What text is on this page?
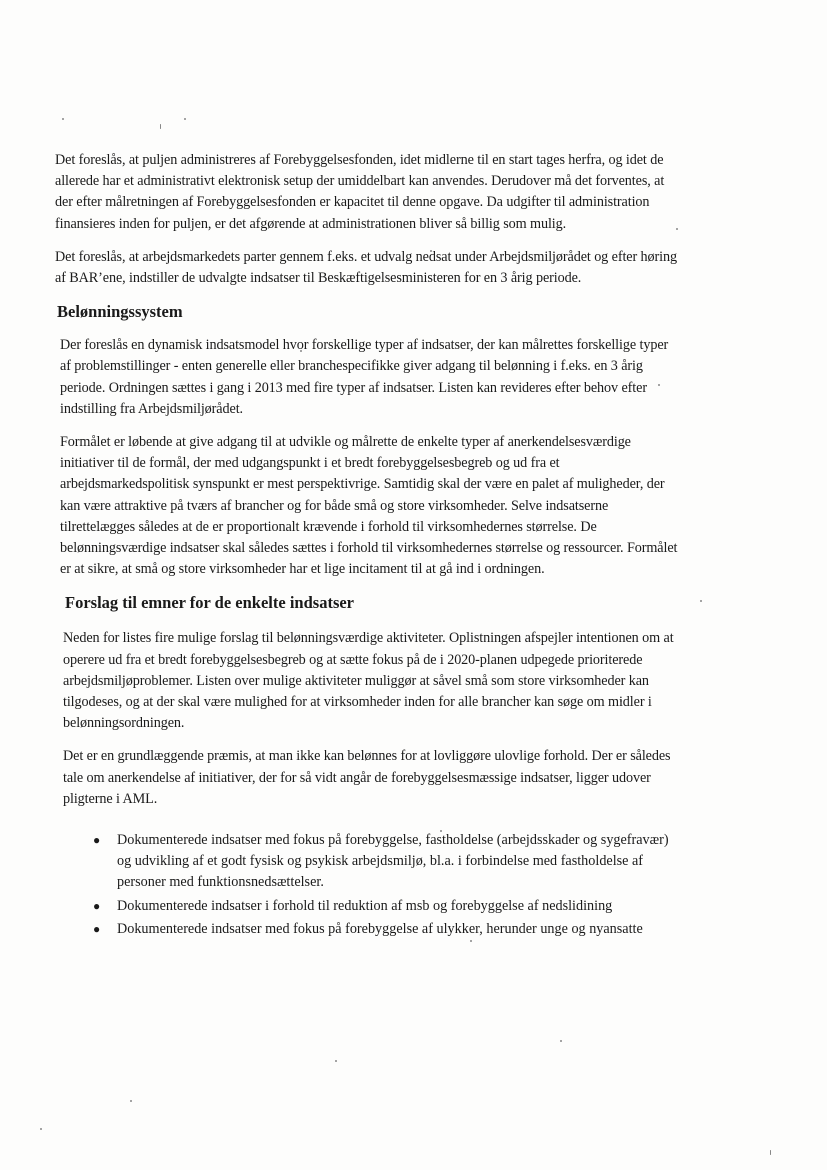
Det foreslås, at puljen administreres af Forebyggelsesfonden, idet midlerne til en start tages herfra, og idet de allerede har et administrativt elektronisk setup der umiddelbart kan anvendes. Derudover må det forventes, at der efter målretningen af Forebyggelsesfonden er kapacitet til denne opgave. Da udgifter til administration finansieres inden for puljen, er det afgørende at administrationen bliver så billig som mulig.

Det foreslås, at arbejdsmarkedets parter gennem f.eks. et udvalg nedsat under Arbejdsmiljørådet og efter høring af BAR’ene, indstiller de udvalgte indsatser til Beskæftigelsesministeren for en 3 årig periode.

Belønningssystem

Der foreslås en dynamisk indsatsmodel hvor forskellige typer af indsatser, der kan målrettes forskellige typer af problemstillinger - enten generelle eller branchespecifikke giver adgang til belønning i f.eks. en 3 årig periode. Ordningen sættes i gang i 2013 med fire typer af indsatser. Listen kan revideres efter behov efter indstilling fra Arbejdsmiljørådet.

Formålet er løbende at give adgang til at udvikle og målrette de enkelte typer af anerkendelsesværdige initiativer til de formål, der med udgangspunkt i et bredt forebyggelsesbegreb og ud fra et arbejdsmarkedspolitisk synspunkt er mest perspektivrige. Samtidig skal der være en palet af muligheder, der kan være attraktive på tværs af brancher og for både små og store virksomheder. Selve indsatserne tilrettelægges således at de er proportionalt krævende i forhold til virksomhedernes størrelse. De belønningsværdige indsatser skal således sættes i forhold til virksomhedernes størrelse og ressourcer. Formålet er at sikre, at små og store virksomheder har et lige incitament til at gå ind i ordningen.

Forslag til emner for de enkelte indsatser

Neden for listes fire mulige forslag til belønningsværdige aktiviteter. Oplistningen afspejler intentionen om at operere ud fra et bredt forebyggelsesbegreb og at sætte fokus på de i 2020-planen udpegede prioriterede arbejdsmiljøproblemer. Listen over mulige aktiviteter muliggør at såvel små som store virksomheder kan tilgodeses, og at der skal være mulighed for at virksomheder inden for alle brancher kan søge om midler i belønningsordningen.

Det er en grundlæggende præmis, at man ikke kan belønnes for at lovliggøre ulovlige forhold. Der er således tale om anerkendelse af initiativer, der for så vidt angår de forebyggelsesmæssige indsatser, ligger udover pligterne i AML.

● Dokumenterede indsatser med fokus på forebyggelse, fastholdelse (arbejdsskader og sygefravær) og udvikling af et godt fysisk og psykisk arbejdsmiljø, bl.a. i forbindelse med fastholdelse af personer med funktionsnedsættelser.
● Dokumenterede indsatser i forhold til reduktion af msb og forebyggelse af nedslidining
● Dokumenterede indsatser med fokus på forebyggelse af ulykker, herunder unge og nyansatte
